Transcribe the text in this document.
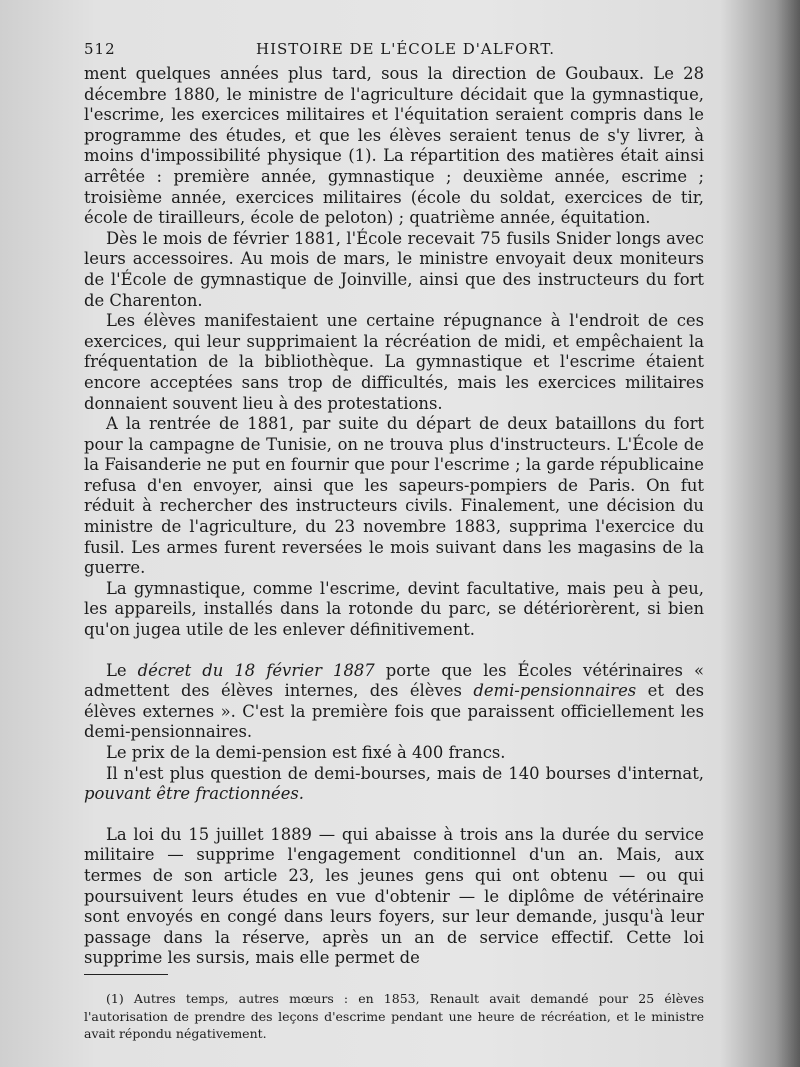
512	HISTOIRE DE L'ÉCOLE D'ALFORT.

ment quelques années plus tard, sous la direction de Goubaux. Le 28 décembre 1880, le ministre de l'agriculture décidait que la gymnastique, l'escrime, les exercices militaires et l'équitation seraient compris dans le programme des études, et que les élèves seraient tenus de s'y livrer, à moins d'impossibilité physique (1). La répartition des matières était ainsi arrêtée : première année, gymnastique ; deuxième année, escrime ; troisième année, exercices militaires (école du soldat, exercices de tir, école de tirailleurs, école de peloton) ; quatrième année, équitation.

Dès le mois de février 1881, l'École recevait 75 fusils Snider longs avec leurs accessoires. Au mois de mars, le ministre envoyait deux moniteurs de l'École de gymnastique de Joinville, ainsi que des instructeurs du fort de Charenton.

Les élèves manifestaient une certaine répugnance à l'endroit de ces exercices, qui leur supprimaient la récréation de midi, et empêchaient la fréquentation de la bibliothèque. La gymnastique et l'escrime étaient encore acceptées sans trop de difficultés, mais les exercices militaires donnaient souvent lieu à des protestations.

A la rentrée de 1881, par suite du départ de deux bataillons du fort pour la campagne de Tunisie, on ne trouva plus d'instructeurs. L'École de la Faisanderie ne put en fournir que pour l'escrime ; la garde républicaine refusa d'en envoyer, ainsi que les sapeurs-pompiers de Paris. On fut réduit à rechercher des instructeurs civils. Finalement, une décision du ministre de l'agriculture, du 23 novembre 1883, supprima l'exercice du fusil. Les armes furent reversées le mois suivant dans les magasins de la guerre.

La gymnastique, comme l'escrime, devint facultative, mais peu à peu, les appareils, installés dans la rotonde du parc, se détériorèrent, si bien qu'on jugea utile de les enlever définitivement.

Le décret du 18 février 1887 porte que les Écoles vétérinaires « admettent des élèves internes, des élèves demi-pensionnaires et des élèves externes ». C'est la première fois que paraissent officiellement les demi-pensionnaires.

Le prix de la demi-pension est fixé à 400 francs.

Il n'est plus question de demi-bourses, mais de 140 bourses d'internat, pouvant être fractionnées.

La loi du 15 juillet 1889 — qui abaisse à trois ans la durée du service militaire — supprime l'engagement conditionnel d'un an. Mais, aux termes de son article 23, les jeunes gens qui ont obtenu — ou qui poursuivent leurs études en vue d'obtenir — le diplôme de vétérinaire sont envoyés en congé dans leurs foyers, sur leur demande, jusqu'à leur passage dans la réserve, après un an de service effectif. Cette loi supprime les sursis, mais elle permet de

(1) Autres temps, autres mœurs : en 1853, Renault avait demandé pour 25 élèves l'autorisation de prendre des leçons d'escrime pendant une heure de récréation, et le ministre avait répondu négativement.
